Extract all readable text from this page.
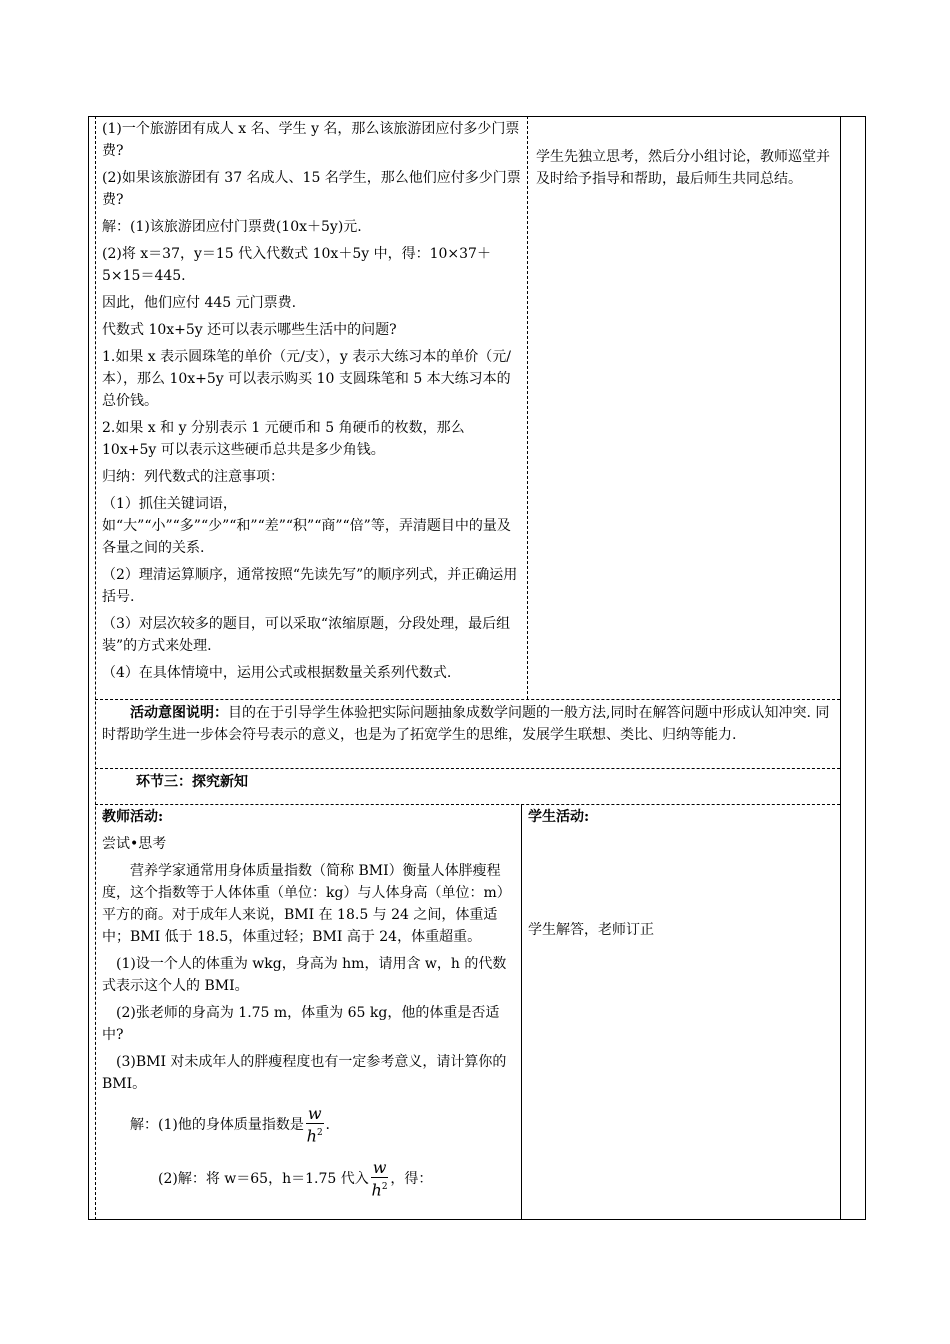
(1)一个旅游团有成人 x 名、学生 y 名，那么该旅游团应付多少门票费?

(2)如果该旅游团有 37 名成人、15 名学生，那么他们应付多少门票费?

解：(1)该旅游团应付门票费(10x＋5y)元.

(2)将 x＝37，y＝15 代入代数式 10x＋5y 中，得：10×37＋5×15＝445.

因此，他们应付 445 元门票费.

代数式 10x+5y 还可以表示哪些生活中的问题?

1.如果 x 表示圆珠笔的单价（元/支），y 表示大练习本的单价（元/本），那么 10x+5y 可以表示购买 10 支圆珠笔和 5 本大练习本的总价钱。

2.如果 x 和 y 分别表示 1 元硬币和 5 角硬币的枚数，那么 10x+5y 可以表示这些硬币总共是多少角钱。

归纳：列代数式的注意事项：

（1）抓住关键词语，如“大”“小”“多”“少”“和”“差”“积”“商”“倍”等，弄清题目中的量及各量之间的关系.

（2）理清运算顺序，通常按照“先读先写”的顺序列式，并正确运用括号.

（3）对层次较多的题目，可以采取“浓缩原题，分段处理，最后组装”的方式来处理.

（4）在具体情境中，运用公式或根据数量关系列代数式.

学生先独立思考，然后分小组讨论，教师巡堂并及时给予指导和帮助，最后师生共同总结。

活动意图说明：目的在于引导学生体验把实际问题抽象成数学问题的一般方法,同时在解答问题中形成认知冲突. 同时帮助学生进一步体会符号表示的意义，也是为了拓宽学生的思维，发展学生联想、类比、归纳等能力.
环节三：探究新知

教师活动:

尝试•思考

营养学家通常用身体质量指数（简称 BMI）衡量人体胖瘦程度，这个指数等于人体体重（单位：kg）与人体身高（单位：m）平方的商。对于成年人来说，BMI 在 18.5 与 24 之间，体重适中；BMI 低于 18.5，体重过轻；BMI 高于 24，体重超重。

(1)设一个人的体重为 wkg，身高为 hm，请用含 w，h 的代数式表示这个人的 BMI。

(2)张老师的身高为 1.75 m，体重为 65 kg，他的体重是否适中?

(3)BMI 对未成年人的胖瘦程度也有一定参考意义，请计算你的 BMI。

解：(1)他的身体质量指数是 $\frac{w}{h^2}$ .

(2)解：将 w＝65，h＝1.75 代入 $\frac{w}{h^2}$ ，得：

学生活动:

学生解答，老师订正
